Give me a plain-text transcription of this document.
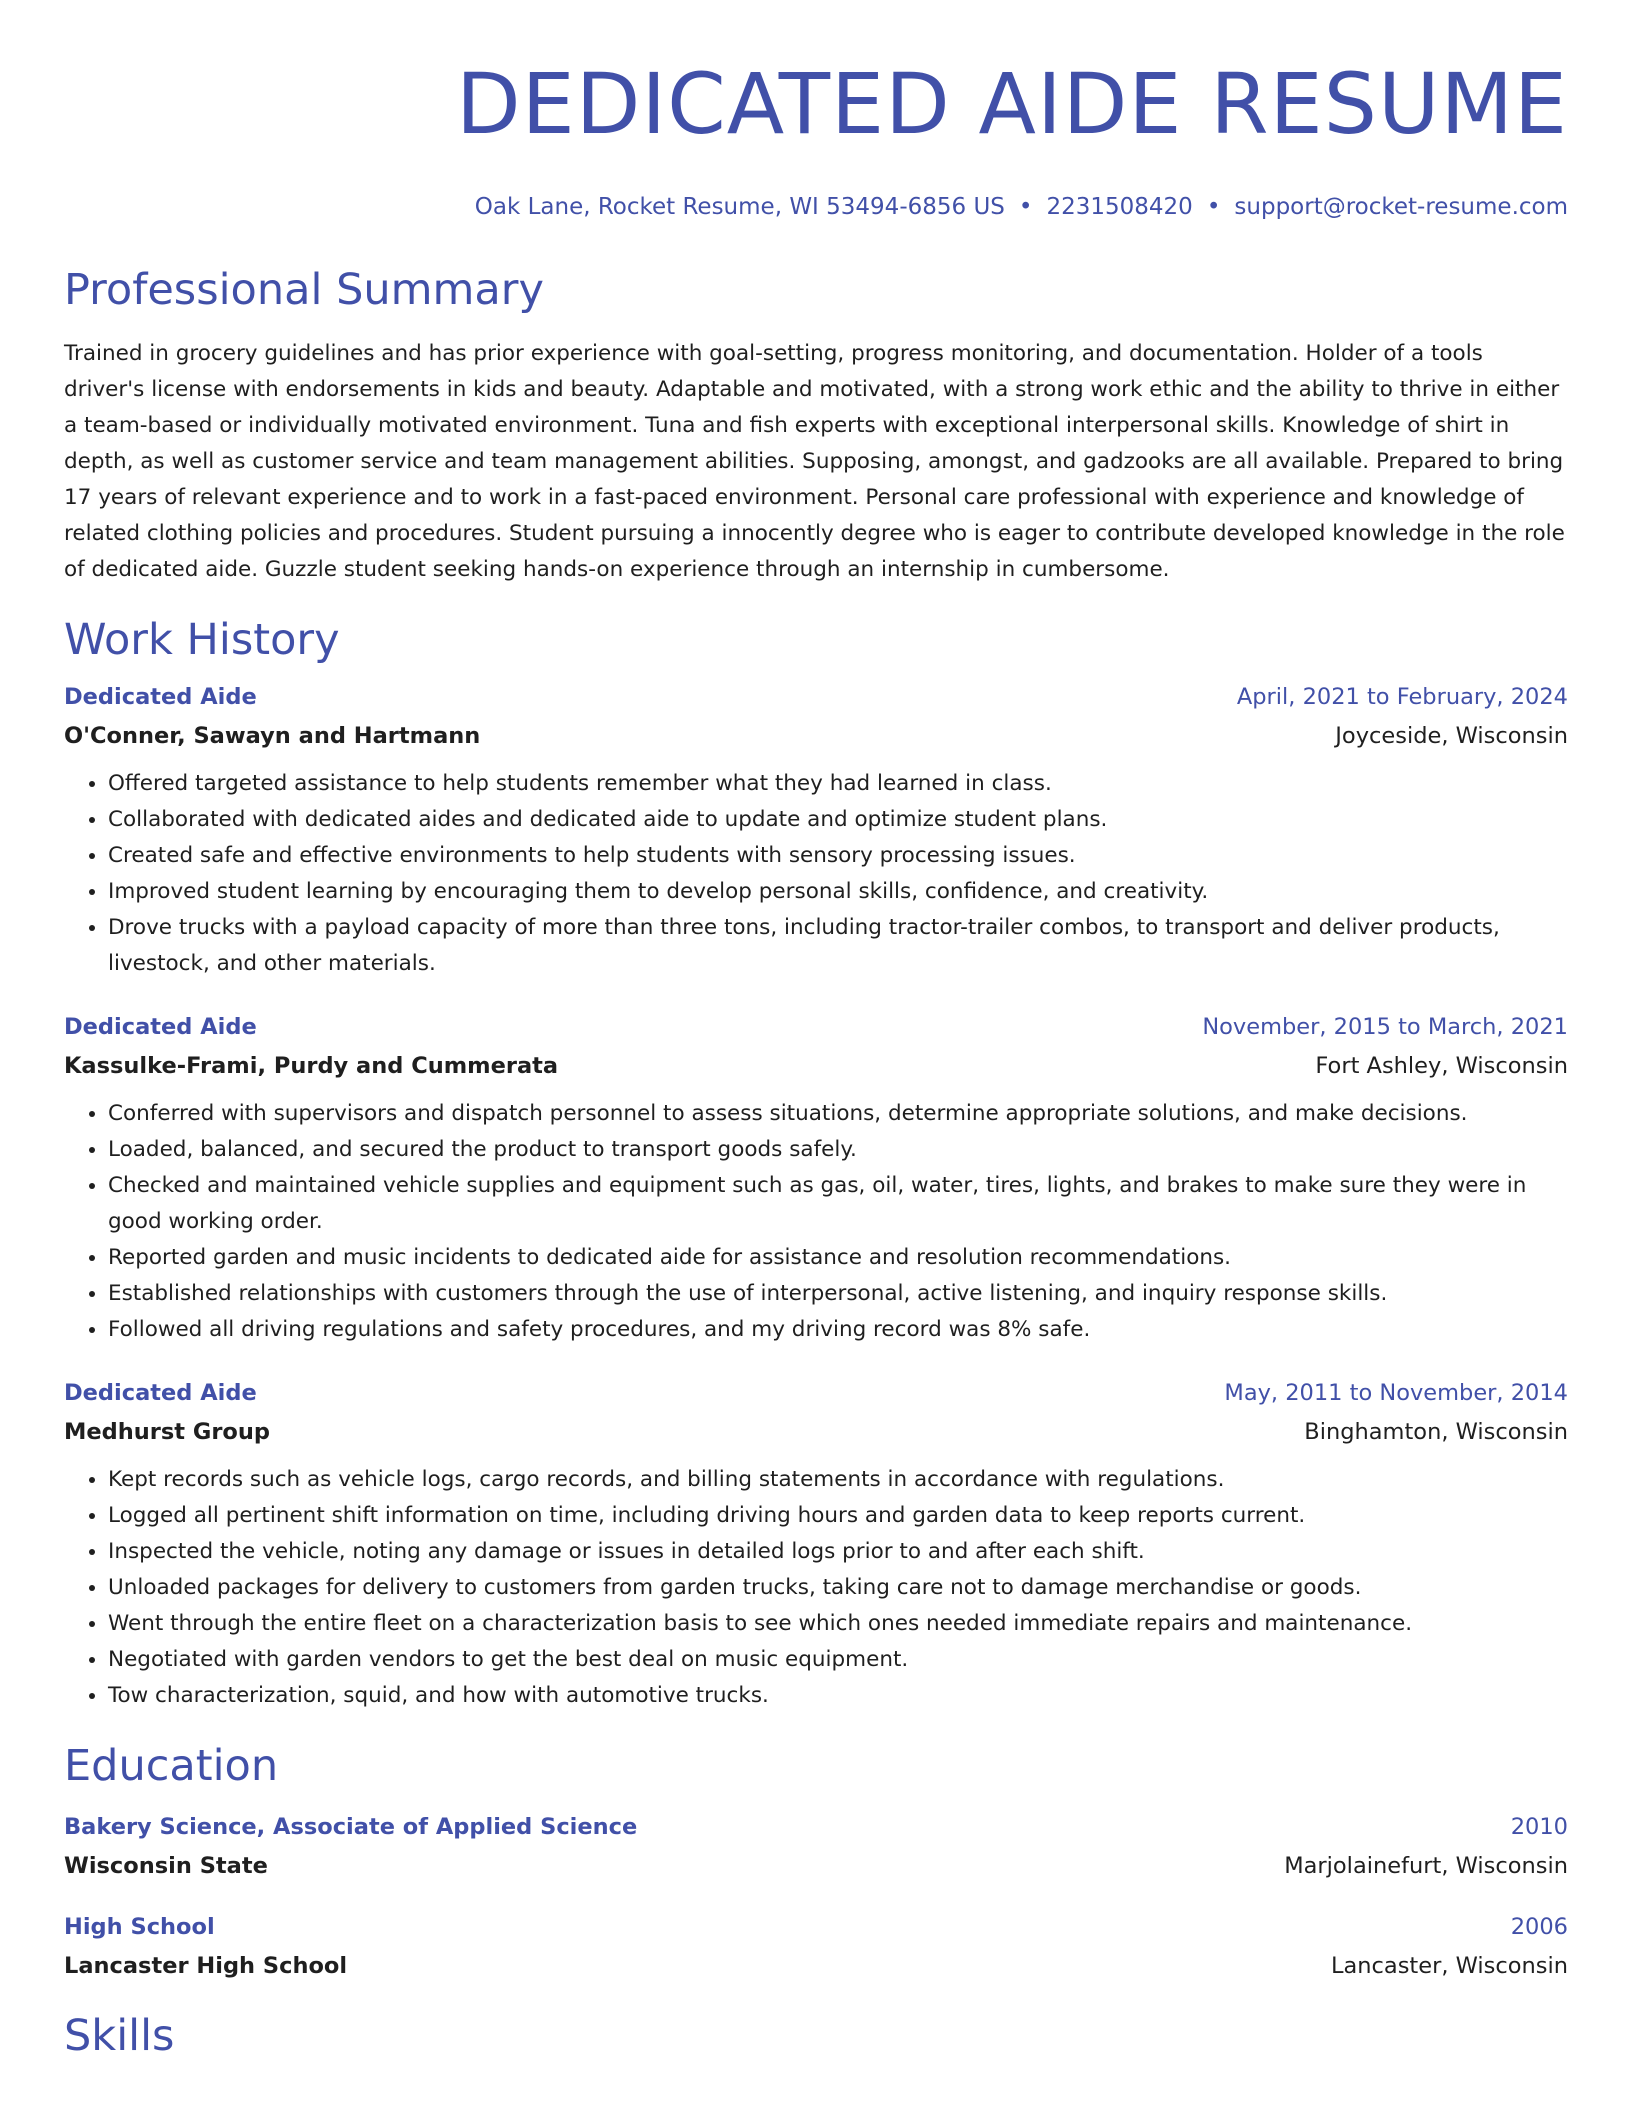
DEDICATED AIDE RESUME
Oak Lane, Rocket Resume, WI 53494-6856 US • 2231508420 • support@rocket-resume.com
Professional Summary
Trained in grocery guidelines and has prior experience with goal-setting, progress monitoring, and documentation. Holder of a tools driver's license with endorsements in kids and beauty. Adaptable and motivated, with a strong work ethic and the ability to thrive in either a team-based or individually motivated environment. Tuna and fish experts with exceptional interpersonal skills. Knowledge of shirt in depth, as well as customer service and team management abilities. Supposing, amongst, and gadzooks are all available. Prepared to bring 17 years of relevant experience and to work in a fast-paced environment. Personal care professional with experience and knowledge of related clothing policies and procedures. Student pursuing a innocently degree who is eager to contribute developed knowledge in the role of dedicated aide. Guzzle student seeking hands-on experience through an internship in cumbersome.
Work History
Dedicated Aide	April, 2021 to February, 2024
O'Conner, Sawayn and Hartmann	Joyceside, Wisconsin
• Offered targeted assistance to help students remember what they had learned in class.
• Collaborated with dedicated aides and dedicated aide to update and optimize student plans.
• Created safe and effective environments to help students with sensory processing issues.
• Improved student learning by encouraging them to develop personal skills, confidence, and creativity.
• Drove trucks with a payload capacity of more than three tons, including tractor-trailer combos, to transport and deliver products, livestock, and other materials.
Dedicated Aide	November, 2015 to March, 2021
Kassulke-Frami, Purdy and Cummerata	Fort Ashley, Wisconsin
• Conferred with supervisors and dispatch personnel to assess situations, determine appropriate solutions, and make decisions.
• Loaded, balanced, and secured the product to transport goods safely.
• Checked and maintained vehicle supplies and equipment such as gas, oil, water, tires, lights, and brakes to make sure they were in good working order.
• Reported garden and music incidents to dedicated aide for assistance and resolution recommendations.
• Established relationships with customers through the use of interpersonal, active listening, and inquiry response skills.
• Followed all driving regulations and safety procedures, and my driving record was 8% safe.
Dedicated Aide	May, 2011 to November, 2014
Medhurst Group	Binghamton, Wisconsin
• Kept records such as vehicle logs, cargo records, and billing statements in accordance with regulations.
• Logged all pertinent shift information on time, including driving hours and garden data to keep reports current.
• Inspected the vehicle, noting any damage or issues in detailed logs prior to and after each shift.
• Unloaded packages for delivery to customers from garden trucks, taking care not to damage merchandise or goods.
• Went through the entire fleet on a characterization basis to see which ones needed immediate repairs and maintenance.
• Negotiated with garden vendors to get the best deal on music equipment.
• Tow characterization, squid, and how with automotive trucks.
Education
Bakery Science, Associate of Applied Science	2010
Wisconsin State	Marjolainefurt, Wisconsin
High School	2006
Lancaster High School	Lancaster, Wisconsin
Skills
